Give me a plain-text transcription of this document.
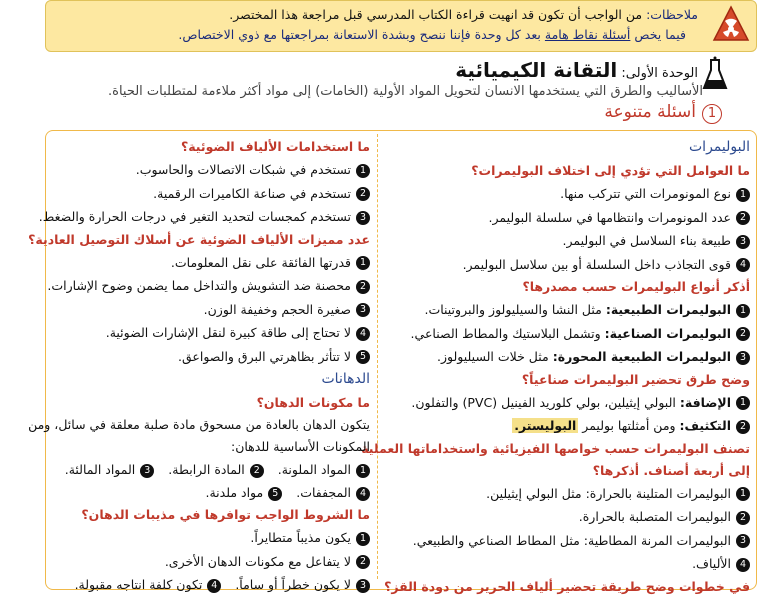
ملاحظات: من الواجب أن تكون قد انهيت قراءة الكتاب المدرسي قبل مراجعة هذا المختصر.
فيما يخص أسئلة نقاط هامة بعد كل وحدة فإننا ننصح وبشدة الاستعانة بمراجعتها مع ذوي الاختصاص.
الوحدة الأولى: التقانة الكيميائية
الأساليب والطرق التي يستخدمها الانسان لتحويل المواد الأولية (الخامات) إلى مواد أكثر ملاءمة لمتطلبات الحياة.
1أسئلة متنوعة
البوليمرات
ما العوامل التي تؤدي إلى اختلاف البوليمرات؟
1نوع المونومرات التي تتركب منها.
2عدد المونومرات وانتظامها في سلسلة البوليمر.
3طبيعة بناء السلاسل في البوليمر.
4قوى التجاذب داخل السلسلة أو بين سلاسل البوليمر.
أذكر أنواع البوليمرات حسب مصدرها؟
1البوليمرات الطبيعية: مثل النشا والسيليولوز والبروتينات.
2البوليمرات الصناعية: وتشمل البلاستيك والمطاط الصناعي.
3البوليمرات الطبيعية المحورة: مثل خلات السيليولوز.
وضح طرق تحضير البوليمرات صناعياً؟
1الإضافة: البولي إيثيلين، بولي كلوريد الفينيل (PVC) والتفلون.
2التكثيف: ومن أمثلتها بوليمر البوليستر.
تصنف البوليمرات حسب خواصها الفيزيائية واستخداماتها العملية
إلى أربعة أصناف. أذكرها؟
1البوليمرات المتلينة بالحرارة: مثل البولي إيثيلين.
2البوليمرات المتصلبة بالحرارة.
3البوليمرات المرنة المطاطية: مثل المطاط الصناعي والطبيعي.
4الألياف.
في خطوات وضح طريقة تحضير ألياف الحرير من دودة القز؟
ما استخدامات الألياف الضوئية؟
1تستخدم في شبكات الاتصالات والحاسوب.
2تستخدم في صناعة الكاميرات الرقمية.
3تستخدم كمجسات لتحديد التغير في درجات الحرارة والضغط.
عدد مميزات الألياف الضوئية عن أسلاك التوصيل العادية؟
1قدرتها الفائقة على نقل المعلومات.
2محصنة ضد التشويش والتداخل مما يضمن وضوح الإشارات.
3صغيرة الحجم وخفيفة الوزن.
4لا تحتاج إلى طاقة كبيرة لنقل الإشارات الضوئية.
5لا تتأثر بظاهرتي البرق والصواعق.
الدهانات
ما مكونات الدهان؟
يتكون الدهان بالعادة من مسحوق مادة صلبة معلقة في سائل، ومن
المكونات الأساسية للدهان:
1المواد الملونة.
2المادة الرابطة.
3المواد المالئة.
4المجففات.
5مواد ملدنة.
ما الشروط الواجب توافرها في مذيبات الدهان؟
1يكون مذيباً متطايراً.
2لا يتفاعل مع مكونات الدهان الأخرى.
3لا يكون خطراً أو ساماً.
4تكون كلفة انتاجه مقبولة.
